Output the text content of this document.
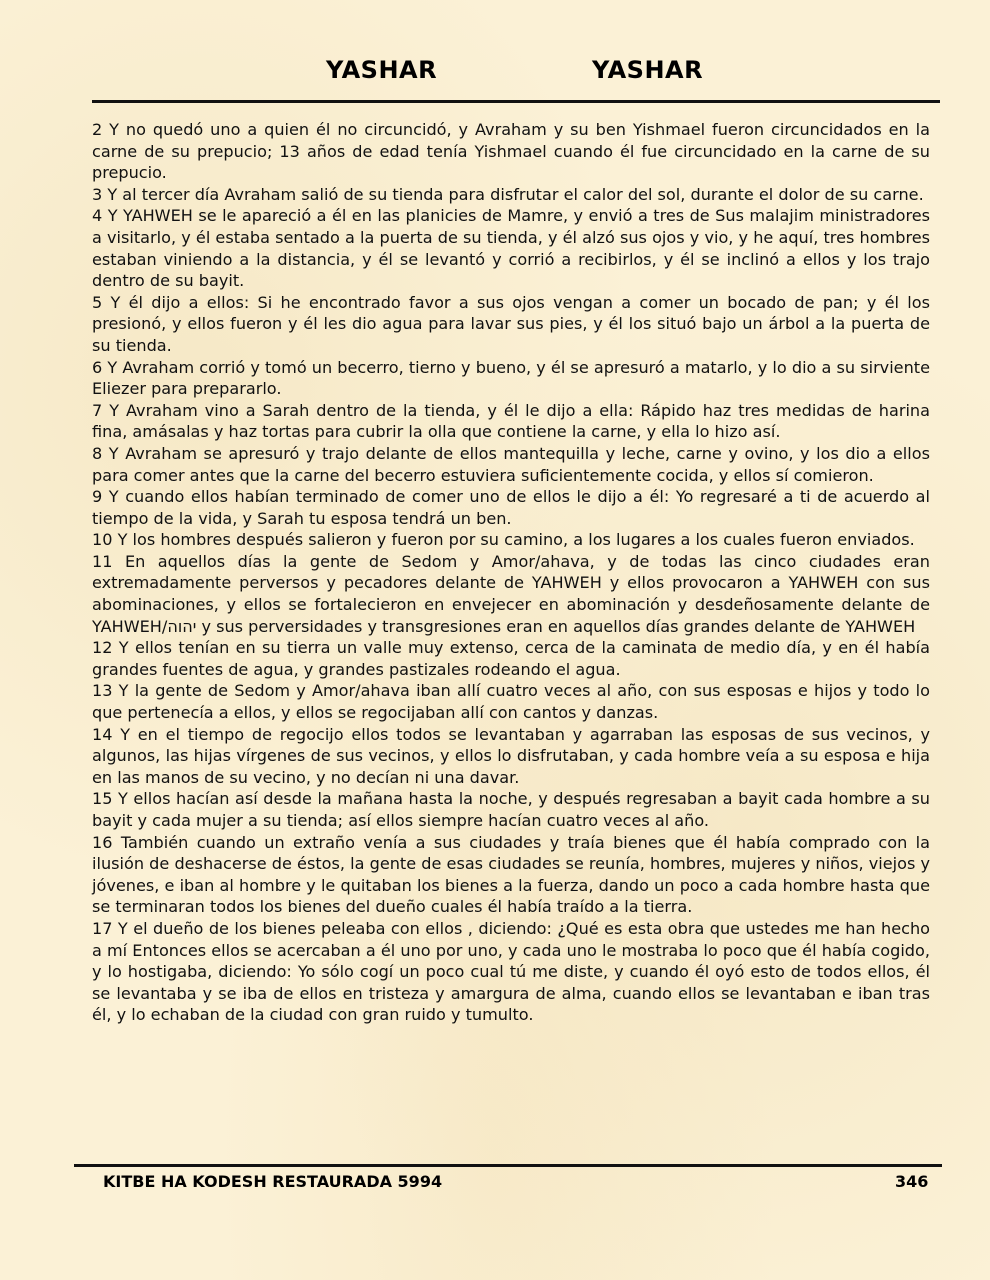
YASHAR	YASHAR

2 Y no quedó uno a quien él no circuncidó, y Avraham y su ben Yishmael fueron circuncidados en la carne de su prepucio; 13 años de edad tenía Yishmael cuando él fue circuncidado en la carne de su prepucio.

3 Y al tercer día Avraham salió de su tienda para disfrutar el calor del sol, durante el dolor de su carne.

4 Y YAHWEH se le apareció a él en las planicies de Mamre, y envió a tres de Sus malajim ministradores a visitarlo, y él estaba sentado a la puerta de su tienda, y él alzó sus ojos y vio, y he aquí, tres hombres estaban viniendo a la distancia, y él se levantó y corrió a recibirlos, y él se inclinó a ellos y los trajo dentro de su bayit.

5 Y él dijo a ellos: Si he encontrado favor a sus ojos vengan a comer un bocado de pan; y él los presionó, y ellos fueron y él les dio agua para lavar sus pies, y él los situó bajo un árbol a la puerta de su tienda.

6 Y Avraham corrió y tomó un becerro, tierno y bueno, y él se apresuró a matarlo, y lo dio a su sirviente Eliezer para prepararlo.

7 Y Avraham vino a Sarah dentro de la tienda, y él le dijo a ella: Rápido haz tres medidas de harina fina, amásalas y haz tortas para cubrir la olla que contiene la carne, y ella lo hizo así.

8 Y Avraham se apresuró y trajo delante de ellos mantequilla y leche, carne y ovino, y los dio a ellos para comer antes que la carne del becerro estuviera suficientemente cocida, y ellos sí comieron.

9 Y cuando ellos habían terminado de comer uno de ellos le dijo a él: Yo regresaré a ti de acuerdo al tiempo de la vida, y Sarah tu esposa tendrá un ben.

10 Y los hombres después salieron y fueron por su camino, a los lugares a los cuales fueron enviados.

11 En aquellos días la gente de Sedom y Amor/ahava, y de todas las cinco ciudades eran extremadamente perversos y pecadores delante de YAHWEH y ellos provocaron a YAHWEH con sus abominaciones, y ellos se fortalecieron en envejecer en abominación y desdeñosamente delante de YAHWEH/יהוה y sus perversidades y transgresiones eran en aquellos días grandes delante de YAHWEH

12 Y ellos tenían en su tierra un valle muy extenso, cerca de la caminata de medio día, y en él había grandes fuentes de agua, y grandes pastizales rodeando el agua.

13 Y la gente de Sedom y Amor/ahava iban allí cuatro veces al año, con sus esposas e hijos y todo lo que pertenecía a ellos, y ellos se regocijaban allí con cantos y danzas.

14 Y en el tiempo de regocijo ellos todos se levantaban y agarraban las esposas de sus vecinos, y algunos, las hijas vírgenes de sus vecinos, y ellos lo disfrutaban, y cada hombre veía a su esposa e hija en las manos de su vecino, y no decían ni una davar.

15 Y ellos hacían así desde la mañana hasta la noche, y después regresaban a bayit cada hombre a su bayit y cada mujer a su tienda; así ellos siempre hacían cuatro veces al año.

16 También cuando un extraño venía a sus ciudades y traía bienes que él había comprado con la ilusión de deshacerse de éstos, la gente de esas ciudades se reunía, hombres, mujeres y niños, viejos y jóvenes, e iban al hombre y le quitaban los bienes a la fuerza, dando un poco a cada hombre hasta que se terminaran todos los bienes del dueño cuales él había traído a la tierra.

17 Y el dueño de los bienes peleaba con ellos , diciendo: ¿Qué es esta obra que ustedes me han hecho a mí Entonces ellos se acercaban a él uno por uno, y cada uno le mostraba lo poco que él había cogido, y lo hostigaba, diciendo: Yo sólo cogí un poco cual tú me diste, y cuando él oyó esto de todos ellos, él se levantaba y se iba de ellos en tristeza y amargura de alma, cuando ellos se levantaban e iban tras él, y lo echaban de la ciudad con gran ruido y tumulto.

KITBE HA KODESH RESTAURADA 5994	346
